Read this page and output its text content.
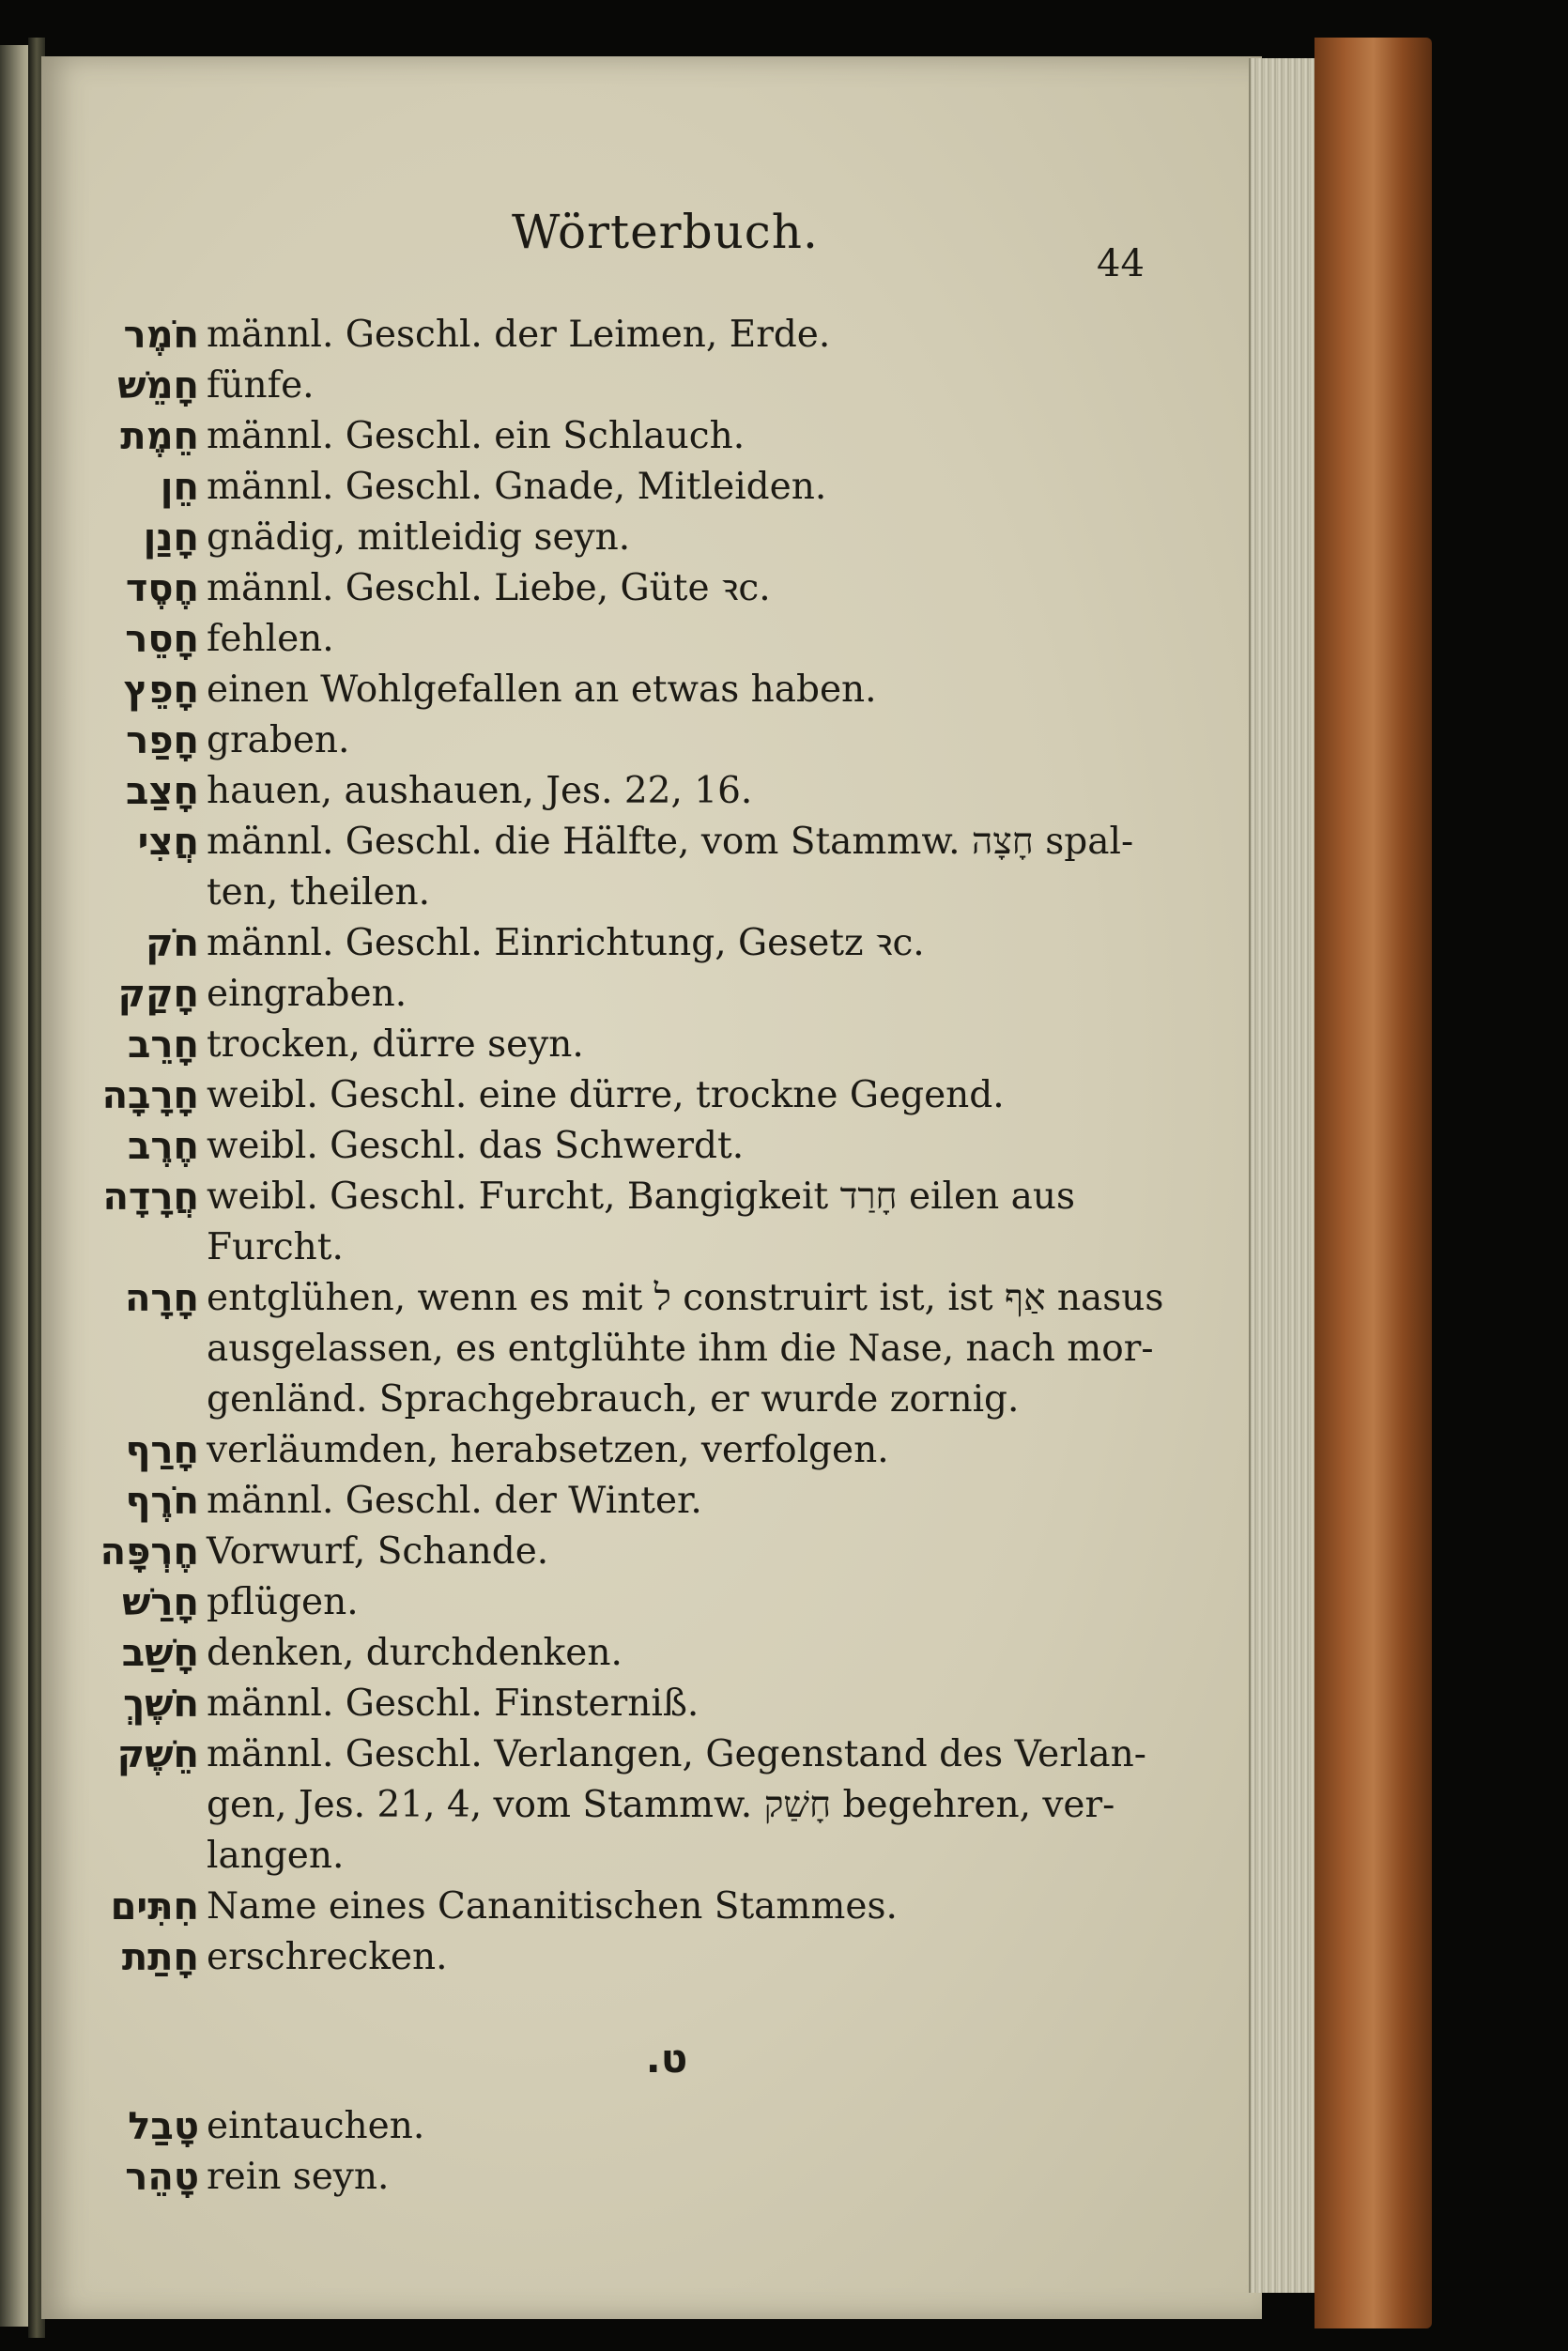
Wörterbuch.
44
חֹמֶר männl. Geschl. der Leimen, Erde.
חָמֵשׁ fünfe.
חֵמֶת männl. Geschl. ein Schlauch.
חֵן männl. Geschl. Gnade, Mitleiden.
חָנַן gnädig, mitleidig seyn.
חֶסֶד männl. Geschl. Liebe, Güte ꝛc.
חָסֵר fehlen.
חָפֵץ einen Wohlgefallen an etwas haben.
חָפַר graben.
חָצַב hauen, aushauen, Jes. 22, 16.
חֲצִי männl. Geschl. die Hälfte, vom Stammw. חָצָה spal-
ten, theilen.
חֹק männl. Geschl. Einrichtung, Gesetz ꝛc.
חָקַק eingraben.
חָרֵב trocken, dürre seyn.
חָרָבָה weibl. Geschl. eine dürre, trockne Gegend.
חֶרֶב weibl. Geschl. das Schwerdt.
חֲרָדָה weibl. Geschl. Furcht, Bangigkeit חָרַד eilen aus
Furcht.
חָרָה entglühen, wenn es mit ל construirt ist, ist אַף nasus
ausgelassen, es entglühte ihm die Nase, nach mor-
genländ. Sprachgebrauch, er wurde zornig.
חָרַף verläumden, herabsetzen, verfolgen.
חֹרֶף männl. Geschl. der Winter.
חֶרְפָּה Vorwurf, Schande.
חָרַשׁ pflügen.
חָשַׁב denken, durchdenken.
חֹשֶׁךְ männl. Geschl. Finsterniß.
חֵשֶׁק männl. Geschl. Verlangen, Gegenstand des Verlan-
gen, Jes. 21, 4, vom Stammw. חָשַׁק begehren, ver-
langen.
חִתִּים Name eines Cananitischen Stammes.
חָתַת erschrecken.
ט.
טָבַל eintauchen.
טָהֵר rein seyn.
